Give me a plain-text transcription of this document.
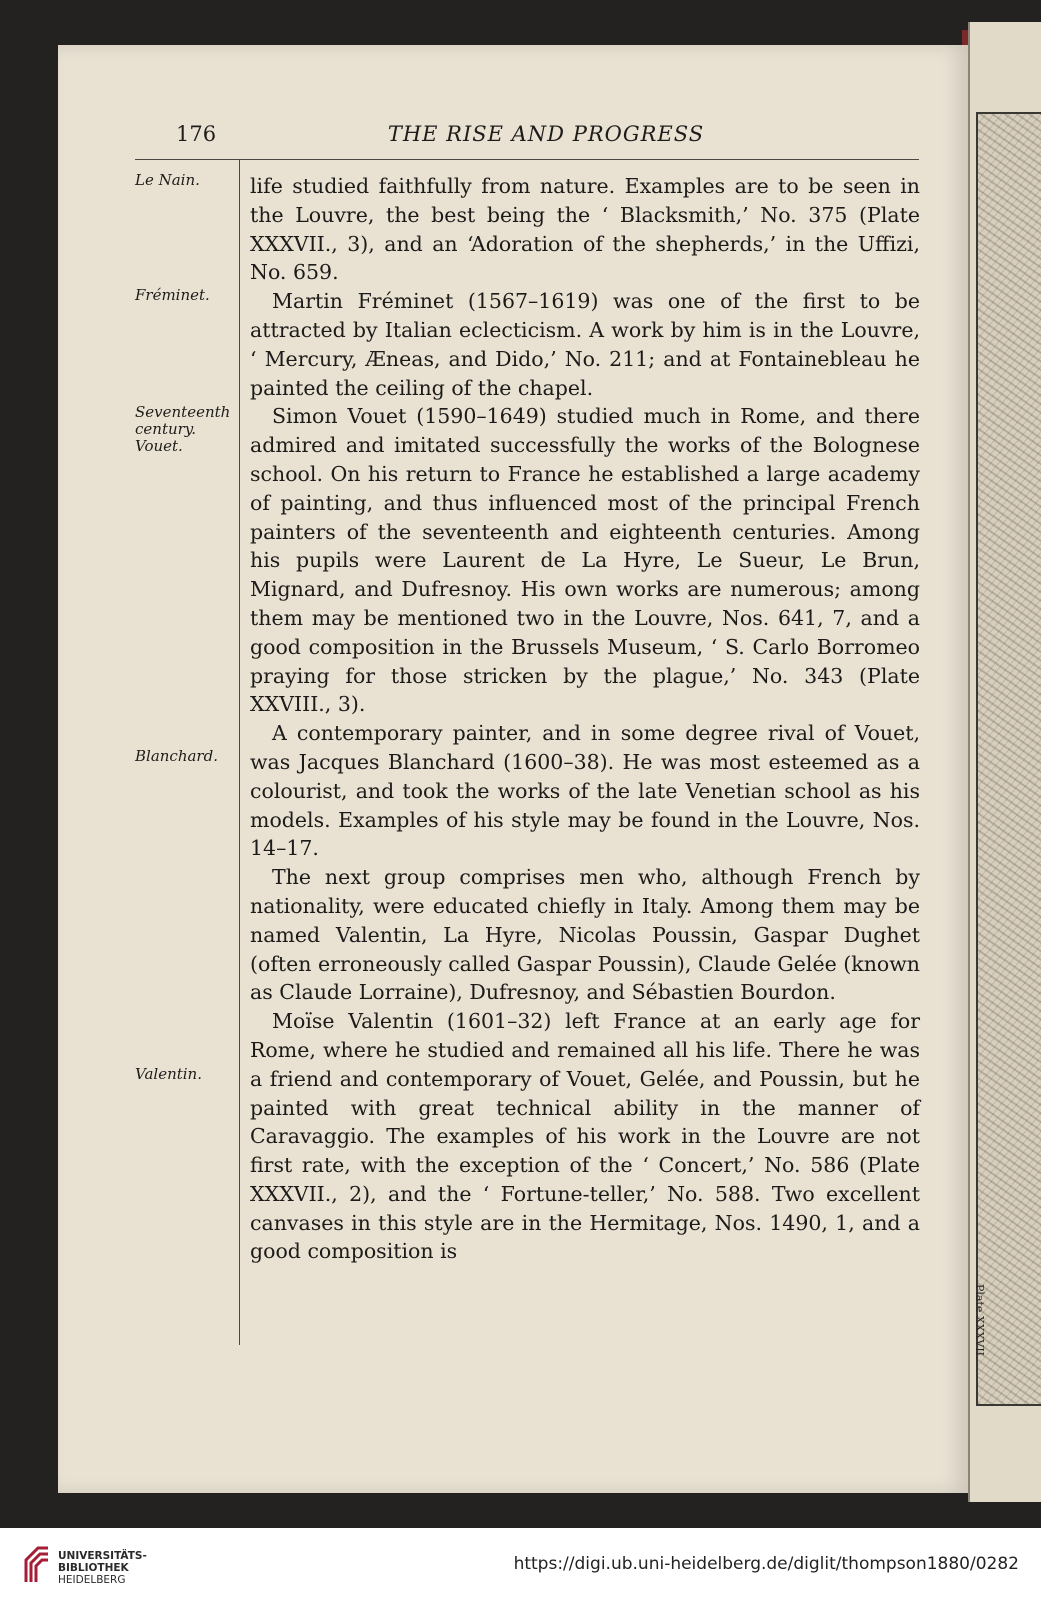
Plate XXXVII.
176	THE RISE AND PROGRESS
Le Nain.
Fréminet.
Seventeenth century. Vouet.
Blanchard.
Valentin.

life studied faithfully from nature. Examples are to be seen in the Louvre, the best being the ‘ Blacksmith,’ No. 375 (Plate XXXVII., 3), and an ‘Adoration of the shepherds,’ in the Uffizi, No. 659.

Martin Fréminet (1567–1619) was one of the first to be attracted by Italian eclecticism. A work by him is in the Louvre, ‘ Mercury, Æneas, and Dido,’ No. 211; and at Fontainebleau he painted the ceiling of the chapel.

Simon Vouet (1590–1649) studied much in Rome, and there admired and imitated successfully the works of the Bolognese school. On his return to France he established a large academy of painting, and thus influenced most of the principal French painters of the seventeenth and eighteenth centuries. Among his pupils were Laurent de La Hyre, Le Sueur, Le Brun, Mignard, and Dufresnoy. His own works are numerous; among them may be mentioned two in the Louvre, Nos. 641, 7, and a good composition in the Brussels Museum, ‘ S. Carlo Borromeo praying for those stricken by the plague,’ No. 343 (Plate XXVIII., 3).

A contemporary painter, and in some degree rival of Vouet, was Jacques Blanchard (1600–38). He was most esteemed as a colourist, and took the works of the late Venetian school as his models. Examples of his style may be found in the Louvre, Nos. 14–17.

The next group comprises men who, although French by nationality, were educated chiefly in Italy. Among them may be named Valentin, La Hyre, Nicolas Poussin, Gaspar Dughet (often erroneously called Gaspar Poussin), Claude Gelée (known as Claude Lorraine), Dufresnoy, and Sébastien Bourdon.

Moïse Valentin (1601–32) left France at an early age for Rome, where he studied and remained all his life. There he was a friend and contemporary of Vouet, Gelée, and Poussin, but he painted with great technical ability in the manner of Caravaggio. The examples of his work in the Louvre are not first rate, with the exception of the ‘ Concert,’ No. 586 (Plate XXXVII., 2), and the ‘ Fortune-teller,’ No. 588. Two excellent canvases in this style are in the Hermitage, Nos. 1490, 1, and a good composition is

UNIVERSITÄTS-
BIBLIOTHEK
HEIDELBERG
https://digi.ub.uni-heidelberg.de/diglit/thompson1880/0282
